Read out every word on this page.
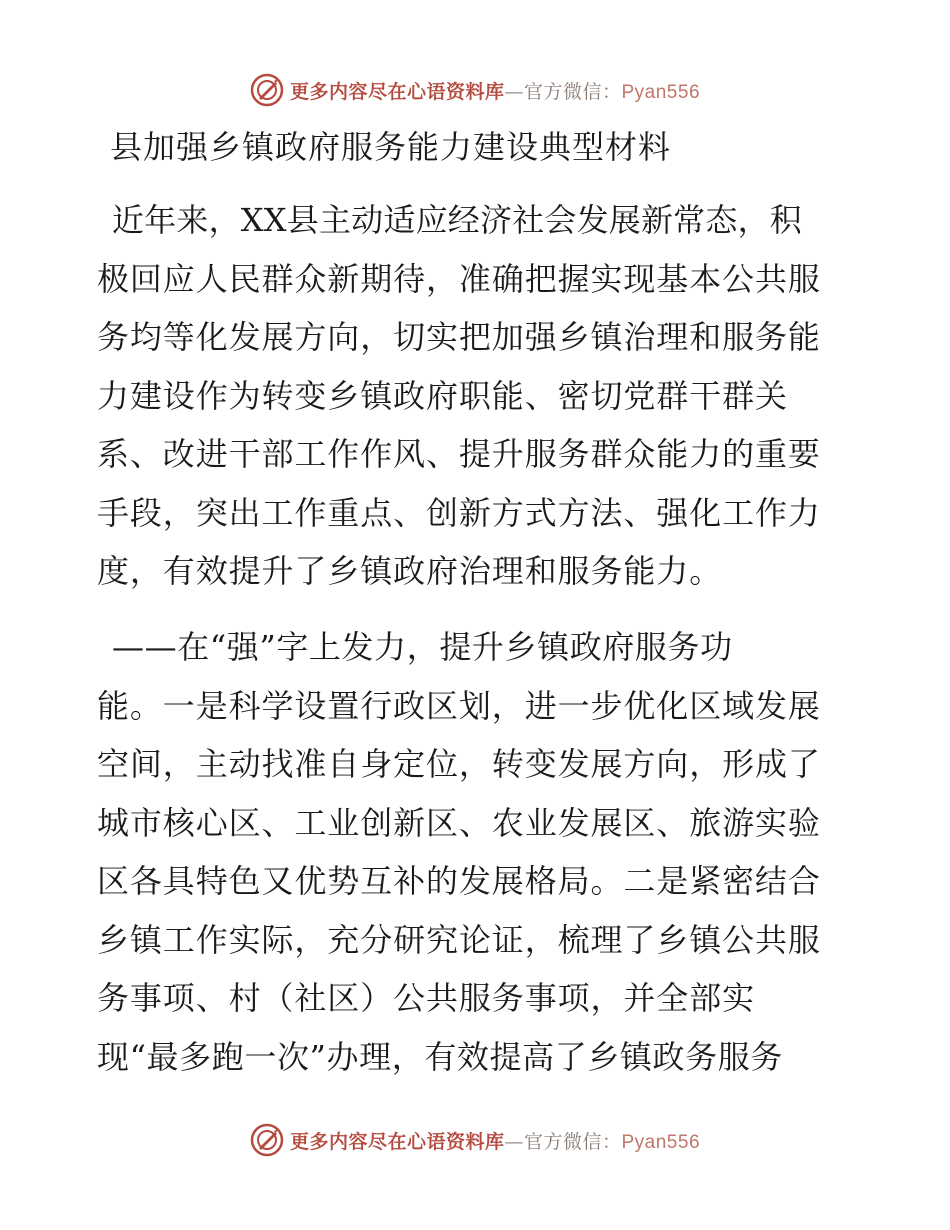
更多内容尽在心语资料库—官方微信：Pyan556
县加强乡镇政府服务能力建设典型材料
近年来，XX县主动适应经济社会发展新常态，积
极回应人民群众新期待，准确把握实现基本公共服
务均等化发展方向，切实把加强乡镇治理和服务能
力建设作为转变乡镇政府职能、密切党群干群关
系、改进干部工作作风、提升服务群众能力的重要
手段，突出工作重点、创新方式方法、强化工作力
度，有效提升了乡镇政府治理和服务能力。
——在“强”字上发力，提升乡镇政府服务功
能。一是科学设置行政区划，进一步优化区域发展
空间，主动找准自身定位，转变发展方向，形成了
城市核心区、工业创新区、农业发展区、旅游实验
区各具特色又优势互补的发展格局。二是紧密结合
乡镇工作实际，充分研究论证，梳理了乡镇公共服
务事项、村（社区）公共服务事项，并全部实
现“最多跑一次”办理，有效提高了乡镇政务服务
更多内容尽在心语资料库—官方微信：Pyan556
